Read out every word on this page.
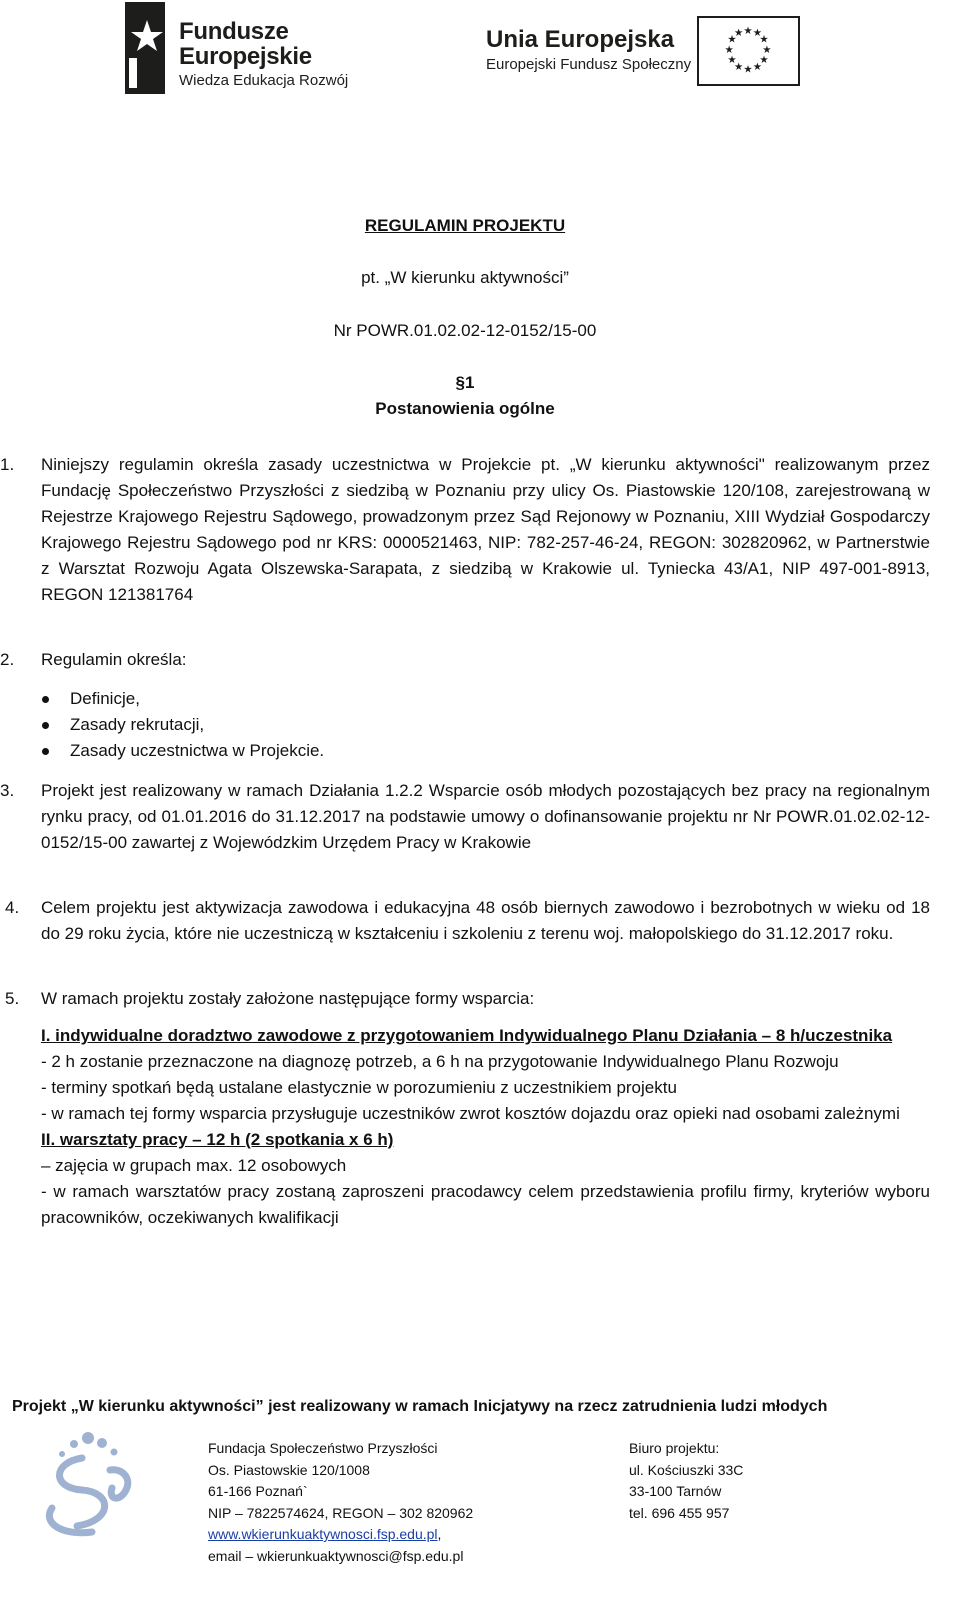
Fundusze
Europejskie
Wiedza Edukacja Rozwój
Unia Europejska
Europejski Fundusz Społeczny
★ ★
★
★
★
★
★
★
★
★
★
★
REGULAMIN PROJEKTU
pt. „W kierunku aktywności”
Nr POWR.01.02.02-12-0152/15-00
§1
Postanowienia ogólne
1. Niniejszy regulamin określa zasady uczestnictwa w Projekcie pt. „W kierunku aktywności" realizowanym przez Fundację Społeczeństwo Przyszłości z siedzibą w Poznaniu przy ulicy Os. Piastowskie 120/108, zarejestrowaną w Rejestrze Krajowego Rejestru Sądowego, prowadzonym przez Sąd Rejonowy w Poznaniu, XIII Wydział Gospodarczy Krajowego Rejestru Sądowego pod nr KRS: 0000521463, NIP: 782-257-46-24, REGON: 302820962, w Partnerstwie z Warsztat Rozwoju Agata Olszewska-Sarapata, z siedzibą w Krakowie ul. Tyniecka 43/A1, NIP 497-001-8913, REGON 121381764
2. Regulamin określa:
Definicje,
Zasady rekrutacji,
Zasady uczestnictwa w Projekcie.
3. Projekt jest realizowany w ramach Działania 1.2.2 Wsparcie osób młodych pozostających bez pracy na regionalnym rynku pracy, od 01.01.2016 do 31.12.2017 na podstawie umowy o dofinansowanie projektu nr Nr POWR.01.02.02-12-0152/15-00 zawartej z Wojewódzkim Urzędem Pracy w Krakowie
4. Celem projektu jest aktywizacja zawodowa i edukacyjna 48 osób biernych zawodowo i bezrobotnych w wieku od 18 do 29 roku życia, które nie uczestniczą w kształceniu i szkoleniu z terenu woj. małopolskiego do 31.12.2017 roku.
5. W ramach projektu zostały założone następujące formy wsparcia:

I. indywidualne doradztwo zawodowe z przygotowaniem Indywidualnego Planu Działania – 8 h/uczestnika

- 2 h zostanie przeznaczone na diagnozę potrzeb, a 6 h na przygotowanie Indywidualnego Planu Rozwoju

- terminy spotkań będą ustalane elastycznie w porozumieniu z uczestnikiem projektu

- w ramach tej formy wsparcia przysługuje uczestników zwrot kosztów dojazdu oraz opieki nad osobami zależnymi

II. warsztaty pracy – 12 h (2 spotkania x 6 h)

– zajęcia w grupach max. 12 osobowych

- w ramach warsztatów pracy zostaną zaproszeni pracodawcy celem przedstawienia profilu firmy, kryteriów wyboru pracowników, oczekiwanych kwalifikacji

Projekt „W kierunku aktywności” jest realizowany w ramach Inicjatywy na rzecz zatrudnienia ludzi młodych
Fundacja Społeczeństwo Przyszłości
Os. Piastowskie 120/1008
61-166 Poznań`
NIP – 7822574624, REGON – 302 820962
www.wkierunkuaktywnosci.fsp.edu.pl,
email – wkierunkuaktywnosci@fsp.edu.pl
Biuro projektu:
ul. Kościuszki 33C
33-100 Tarnów
tel. 696 455 957
